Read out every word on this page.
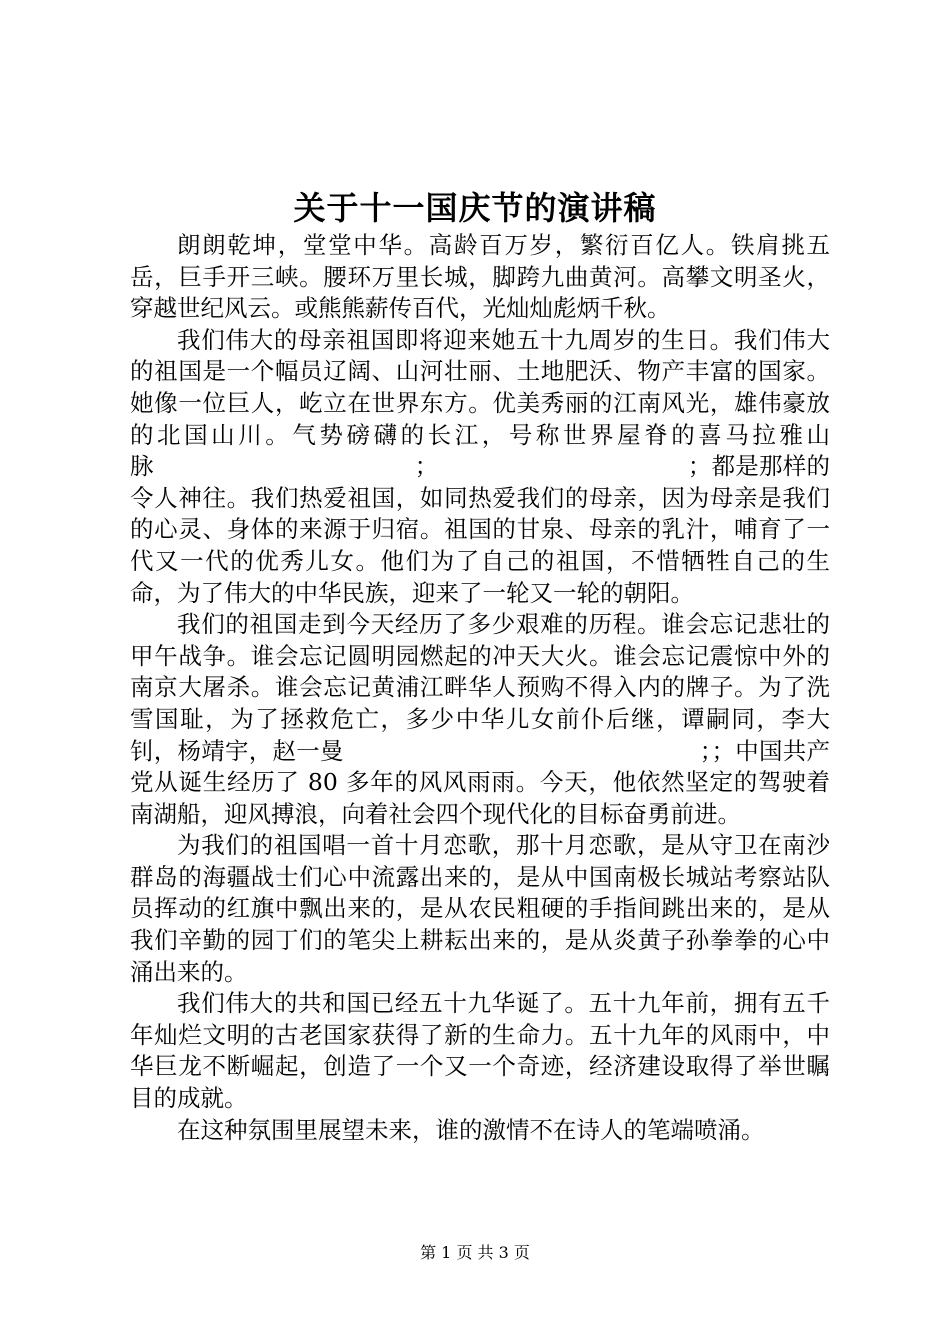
关于十一国庆节的演讲稿

朗朗乾坤，堂堂中华。高龄百万岁，繁衍百亿人。铁肩挑五岳，巨手开三峡。腰环万里长城，脚跨九曲黄河。高攀文明圣火，穿越世纪风云。或熊熊薪传百代，光灿灿彪炳千秋。

我们伟大的母亲祖国即将迎来她五十九周岁的生日。我们伟大的祖国是一个幅员辽阔、山河壮丽、土地肥沃、物产丰富的国家。她像一位巨人，屹立在世界东方。优美秀丽的江南风光，雄伟豪放的北国山川。气势磅礴的长江，号称世界屋脊的喜马拉雅山脉　　　　　　　　　　　；　　　　　　　　　　　；都是那样的令人神往。我们热爱祖国，如同热爱我们的母亲，因为母亲是我们的心灵、身体的来源于归宿。祖国的甘泉、母亲的乳汁，哺育了一代又一代的优秀儿女。他们为了自己的祖国，不惜牺牲自己的生命，为了伟大的中华民族，迎来了一轮又一轮的朝阳。

我们的祖国走到今天经历了多少艰难的历程。谁会忘记悲壮的甲午战争。谁会忘记圆明园燃起的冲天大火。谁会忘记震惊中外的南京大屠杀。谁会忘记黄浦江畔华人预购不得入内的牌子。为了洗雪国耻，为了拯救危亡，多少中华儿女前仆后继，谭嗣同，李大钊，杨靖宇，赵一曼　　　　　　　　　　　　　　　；；中国共产党从诞生经历了 80 多年的风风雨雨。今天，他依然坚定的驾驶着南湖船，迎风搏浪，向着社会四个现代化的目标奋勇前进。

为我们的祖国唱一首十月恋歌，那十月恋歌，是从守卫在南沙群岛的海疆战士们心中流露出来的，是从中国南极长城站考察站队员挥动的红旗中飘出来的，是从农民粗硬的手指间跳出来的，是从我们辛勤的园丁们的笔尖上耕耘出来的，是从炎黄子孙拳拳的心中涌出来的。

我们伟大的共和国已经五十九华诞了。五十九年前，拥有五千年灿烂文明的古老国家获得了新的生命力。五十九年的风雨中，中华巨龙不断崛起，创造了一个又一个奇迹，经济建设取得了举世瞩目的成就。

在这种氛围里展望未来，谁的激情不在诗人的笔端喷涌。

第 1 页 共 3 页
